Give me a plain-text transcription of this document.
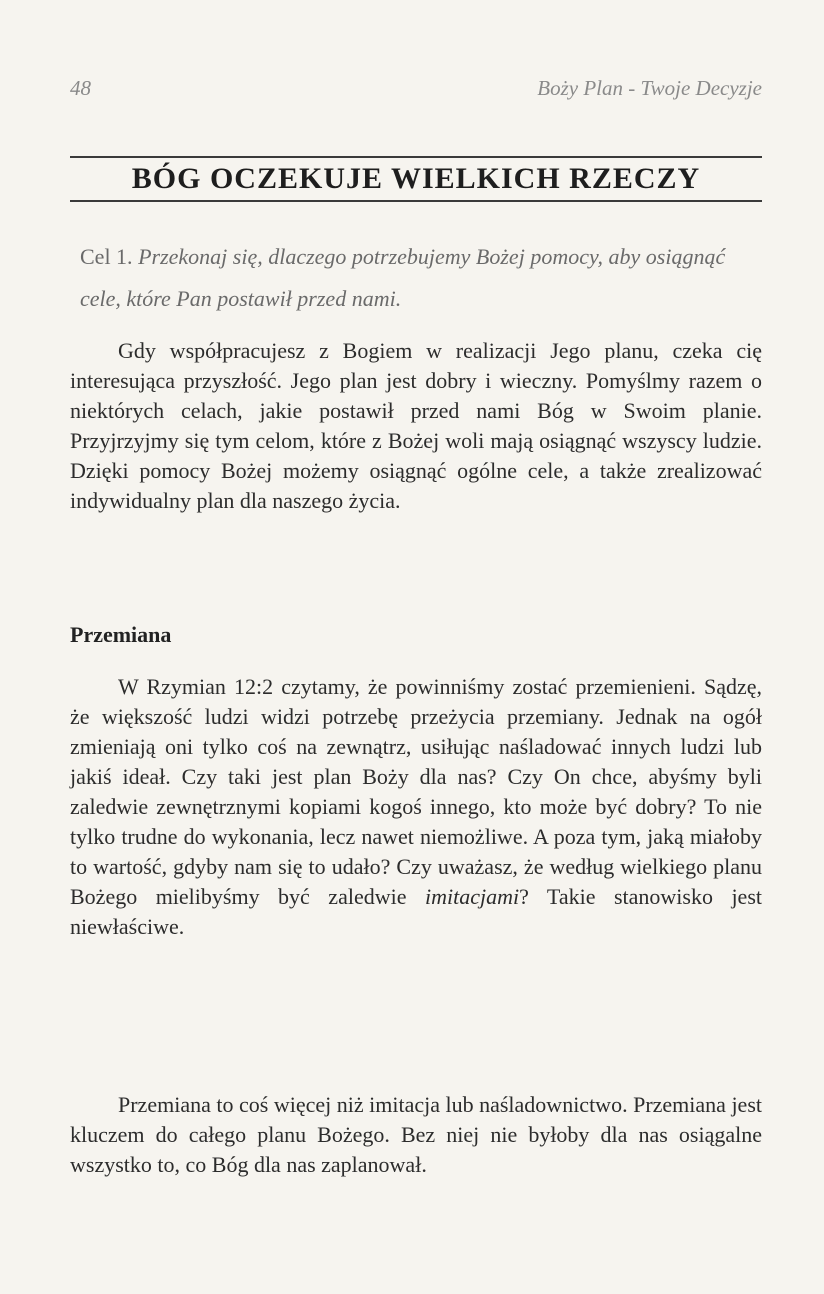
48	Boży Plan - Twoje Decyzje
BÓG OCZEKUJE WIELKICH RZECZY
Cel 1. Przekonaj się, dlaczego potrzebujemy Bożej pomocy, aby osiągnąć cele, które Pan postawił przed nami.

Gdy współpracujesz z Bogiem w realizacji Jego planu, czeka cię interesująca przyszłość. Jego plan jest dobry i wieczny. Pomyślmy razem o niektórych celach, jakie postawił przed nami Bóg w Swoim planie. Przyjrzyjmy się tym celom, które z Bożej woli mają osiągnąć wszyscy ludzie. Dzięki pomocy Bożej możemy osiągnąć ogólne cele, a także zrealizować indywidualny plan dla naszego życia.

Przemiana

W Rzymian 12:2 czytamy, że powinniśmy zostać przemienieni. Sądzę, że większość ludzi widzi potrzebę przeżycia przemiany. Jednak na ogół zmieniają oni tylko coś na zewnątrz, usiłując naśladować innych ludzi lub jakiś ideał. Czy taki jest plan Boży dla nas? Czy On chce, abyśmy byli zaledwie zewnętrznymi kopiami kogoś innego, kto może być dobry? To nie tylko trudne do wykonania, lecz nawet niemożliwe. A poza tym, jaką miałoby to wartość, gdyby nam się to udało? Czy uważasz, że według wielkiego planu Bożego mielibyśmy być zaledwie imitacjami? Takie stanowisko jest niewłaściwe.

Przemiana to coś więcej niż imitacja lub naśladownictwo. Przemiana jest kluczem do całego planu Bożego. Bez niej nie byłoby dla nas osiągalne wszystko to, co Bóg dla nas zaplanował.
